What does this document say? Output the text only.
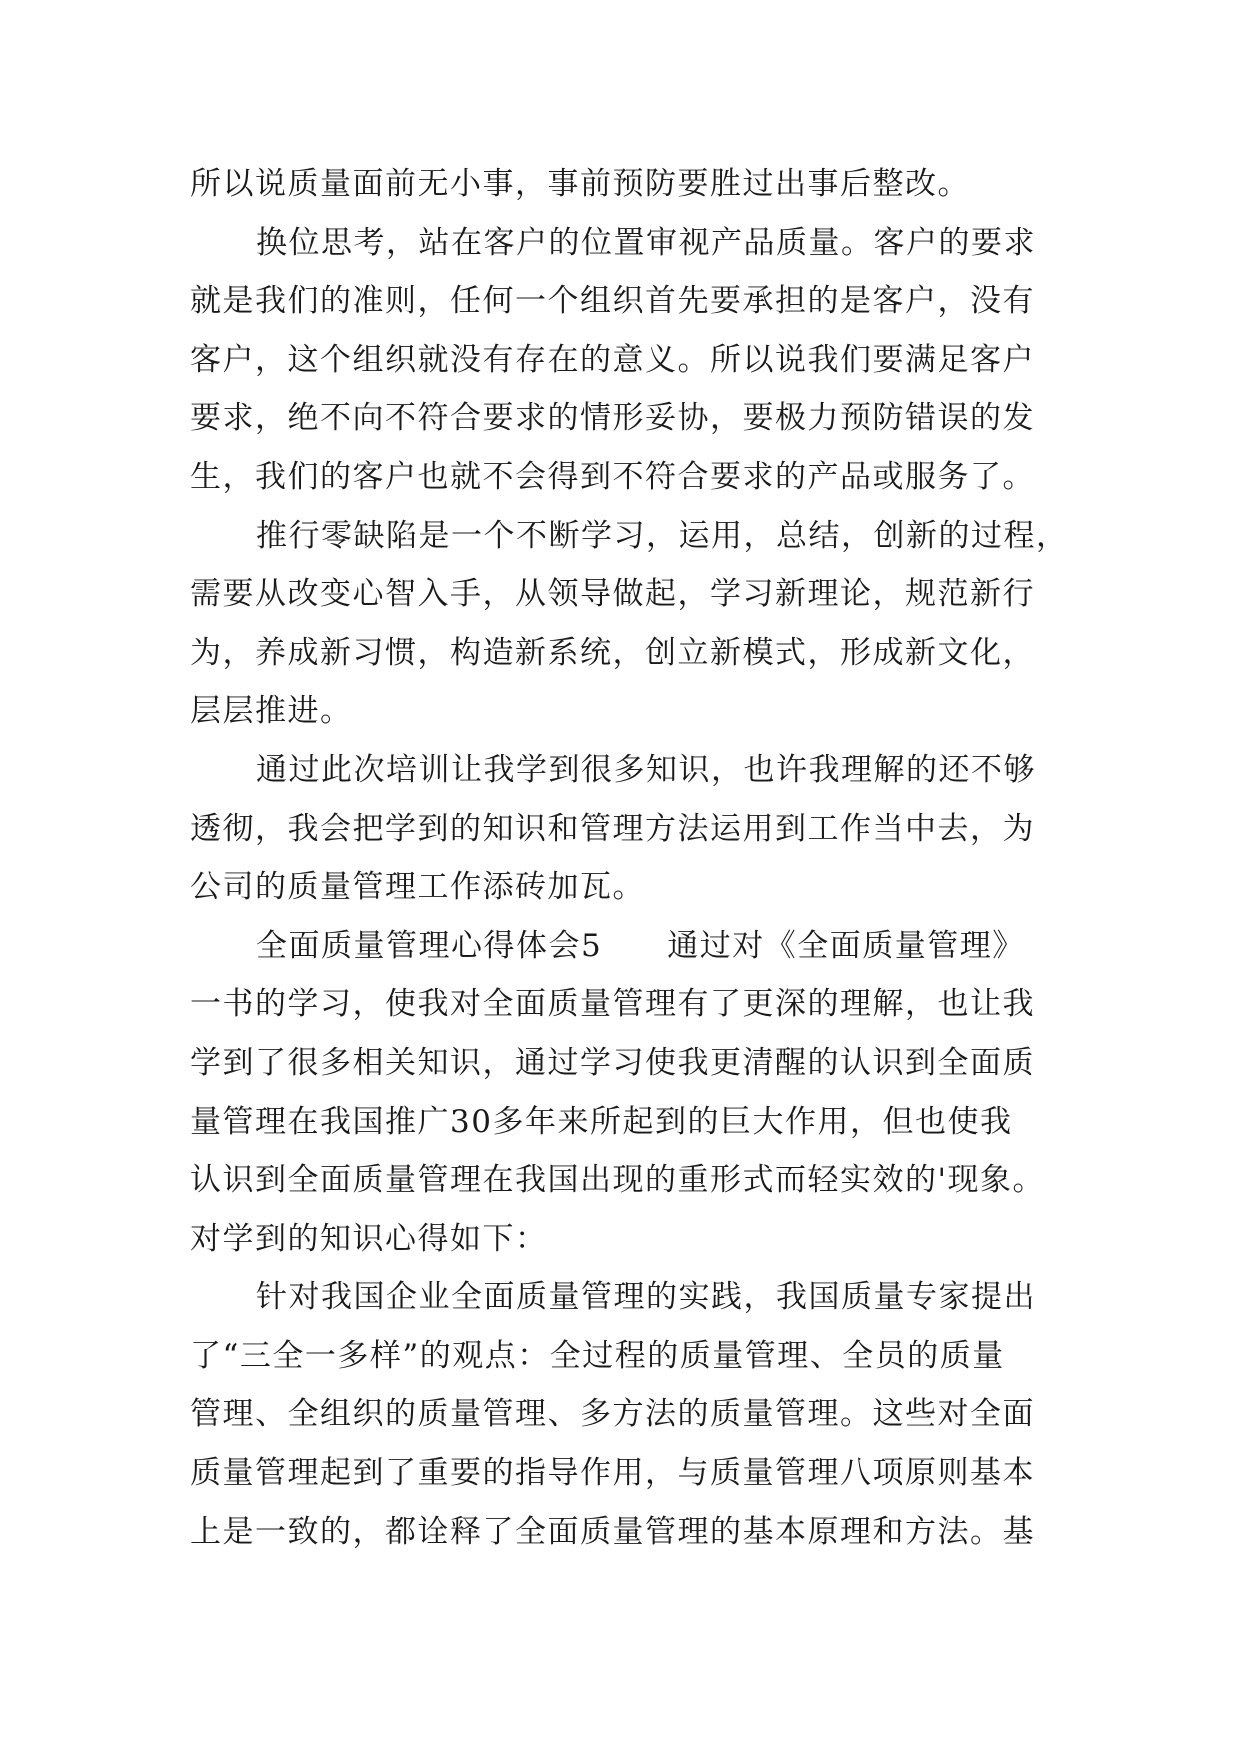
所以说质量面前无小事，事前预防要胜过出事后整改。
换位思考，站在客户的位置审视产品质量。客户的要求
就是我们的准则，任何一个组织首先要承担的是客户，没有
客户，这个组织就没有存在的意义。所以说我们要满足客户
要求，绝不向不符合要求的情形妥协，要极力预防错误的发
生，我们的客户也就不会得到不符合要求的产品或服务了。
推行零缺陷是一个不断学习，运用，总结，创新的过程，
需要从改变心智入手，从领导做起，学习新理论，规范新行
为，养成新习惯，构造新系统，创立新模式，形成新文化，
层层推进。
通过此次培训让我学到很多知识，也许我理解的还不够
透彻，我会把学到的知识和管理方法运用到工作当中去，为
公司的质量管理工作添砖加瓦。
全面质量管理心得体会5　　通过对《全面质量管理》
一书的学习，使我对全面质量管理有了更深的理解，也让我
学到了很多相关知识，通过学习使我更清醒的认识到全面质
量管理在我国推广30多年来所起到的巨大作用，但也使我
认识到全面质量管理在我国出现的重形式而轻实效的'现象。
对学到的知识心得如下：
针对我国企业全面质量管理的实践，我国质量专家提出
了“三全一多样”的观点：全过程的质量管理、全员的质量
管理、全组织的质量管理、多方法的质量管理。这些对全面
质量管理起到了重要的指导作用，与质量管理八项原则基本
上是一致的，都诠释了全面质量管理的基本原理和方法。基
